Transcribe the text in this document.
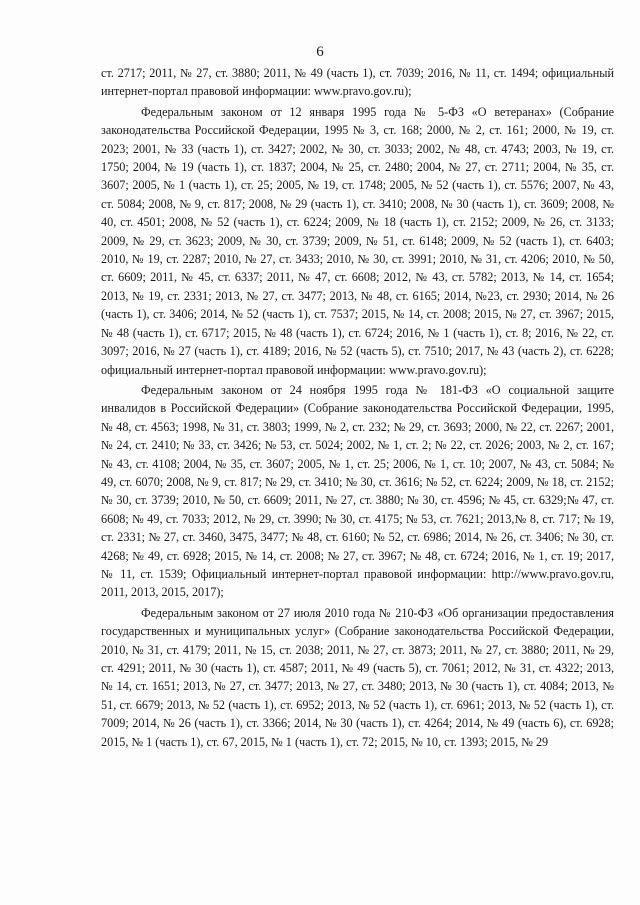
6

ст. 2717; 2011, № 27, ст. 3880; 2011, № 49 (часть 1), ст. 7039; 2016, № 11, ст. 1494; официальный интернет-портал правовой информации: www.pravo.gov.ru);

Федеральным законом от 12 января 1995 года № 5-ФЗ «О ветеранах» (Собрание законодательства Российской Федерации, 1995 № 3, ст. 168; 2000, № 2, ст. 161; 2000, № 19, ст. 2023; 2001, № 33 (часть 1), ст. 3427; 2002, № 30, ст. 3033; 2002, № 48, ст. 4743; 2003, № 19, ст. 1750; 2004, № 19 (часть 1), ст. 1837; 2004, № 25, ст. 2480; 2004, № 27, ст. 2711; 2004, № 35, ст. 3607; 2005, № 1 (часть 1), ст. 25; 2005, № 19, ст. 1748; 2005, № 52 (часть 1), ст. 5576; 2007, № 43, ст. 5084; 2008, № 9, ст. 817; 2008, № 29 (часть 1), ст. 3410; 2008, № 30 (часть 1), ст. 3609; 2008, № 40, ст. 4501; 2008, № 52 (часть 1), ст. 6224; 2009, № 18 (часть 1), ст. 2152; 2009, № 26, ст. 3133; 2009, № 29, ст. 3623; 2009, № 30, ст. 3739; 2009, № 51, ст. 6148; 2009, № 52 (часть 1), ст. 6403; 2010, № 19, ст. 2287; 2010, № 27, ст. 3433; 2010, № 30, ст. 3991; 2010, № 31, ст. 4206; 2010, № 50, ст. 6609; 2011, № 45, ст. 6337; 2011, № 47, ст. 6608; 2012, № 43, ст. 5782; 2013, № 14, ст. 1654; 2013, № 19, ст. 2331; 2013, № 27, ст. 3477; 2013, № 48, ст. 6165; 2014, №23, ст. 2930; 2014, № 26 (часть 1), ст. 3406; 2014, № 52 (часть 1), ст. 7537; 2015, № 14, ст. 2008; 2015, № 27, ст. 3967; 2015, № 48 (часть 1), ст. 6717; 2015, № 48 (часть 1), ст. 6724; 2016, № 1 (часть 1), ст. 8; 2016, № 22, ст. 3097; 2016, № 27 (часть 1), ст. 4189; 2016, № 52 (часть 5), ст. 7510; 2017, № 43 (часть 2), ст. 6228; официальный интернет-портал правовой информации: www.pravo.gov.ru);

Федеральным законом от 24 ноября 1995 года № 181-ФЗ «О социальной защите инвалидов в Российской Федерации» (Собрание законодательства Российской Федерации, 1995, № 48, ст. 4563; 1998, № 31, ст. 3803; 1999, № 2, ст. 232; № 29, ст. 3693; 2000, № 22, ст. 2267; 2001, № 24, ст. 2410; № 33, ст. 3426; № 53, ст. 5024; 2002, № 1, ст. 2; № 22, ст. 2026; 2003, № 2, ст. 167; № 43, ст. 4108; 2004, № 35, ст. 3607; 2005, № 1, ст. 25; 2006, № 1, ст. 10; 2007, № 43, ст. 5084; № 49, ст. 6070; 2008, № 9, ст. 817; № 29, ст. 3410; № 30, ст. 3616; № 52, ст. 6224; 2009, № 18, ст. 2152; № 30, ст. 3739; 2010, № 50, ст. 6609; 2011, № 27, ст. 3880; № 30, ст. 4596; № 45, ст. 6329;№ 47, ст. 6608; № 49, ст. 7033; 2012, № 29, ст. 3990; № 30, ст. 4175; № 53, ст. 7621; 2013,№ 8, ст. 717; № 19, ст. 2331; № 27, ст. 3460, 3475, 3477; № 48, ст. 6160; № 52, ст. 6986; 2014, № 26, ст. 3406; № 30, ст. 4268; № 49, ст. 6928; 2015, № 14, ст. 2008; № 27, ст. 3967; № 48, ст. 6724; 2016, № 1, ст. 19; 2017, № 11, ст. 1539; Официальный интернет-портал правовой информации: http://www.pravo.gov.ru, 2011, 2013, 2015, 2017);

Федеральным законом от 27 июля 2010 года № 210-ФЗ «Об организации предоставления государственных и муниципальных услуг» (Собрание законодательства Российской Федерации, 2010, № 31, ст. 4179; 2011, № 15, ст. 2038; 2011, № 27, ст. 3873; 2011, № 27, ст. 3880; 2011, № 29, ст. 4291; 2011, № 30 (часть 1), ст. 4587; 2011, № 49 (часть 5), ст. 7061; 2012, № 31, ст. 4322; 2013, № 14, ст. 1651; 2013, № 27, ст. 3477; 2013, № 27, ст. 3480; 2013, № 30 (часть 1), ст. 4084; 2013, № 51, ст. 6679; 2013, № 52 (часть 1), ст. 6952; 2013, № 52 (часть 1), ст. 6961; 2013, № 52 (часть 1), ст. 7009; 2014, № 26 (часть 1), ст. 3366; 2014, № 30 (часть 1), ст. 4264; 2014, № 49 (часть 6), ст. 6928; 2015, № 1 (часть 1), ст. 67, 2015, № 1 (часть 1), ст. 72; 2015, № 10, ст. 1393; 2015, № 29
